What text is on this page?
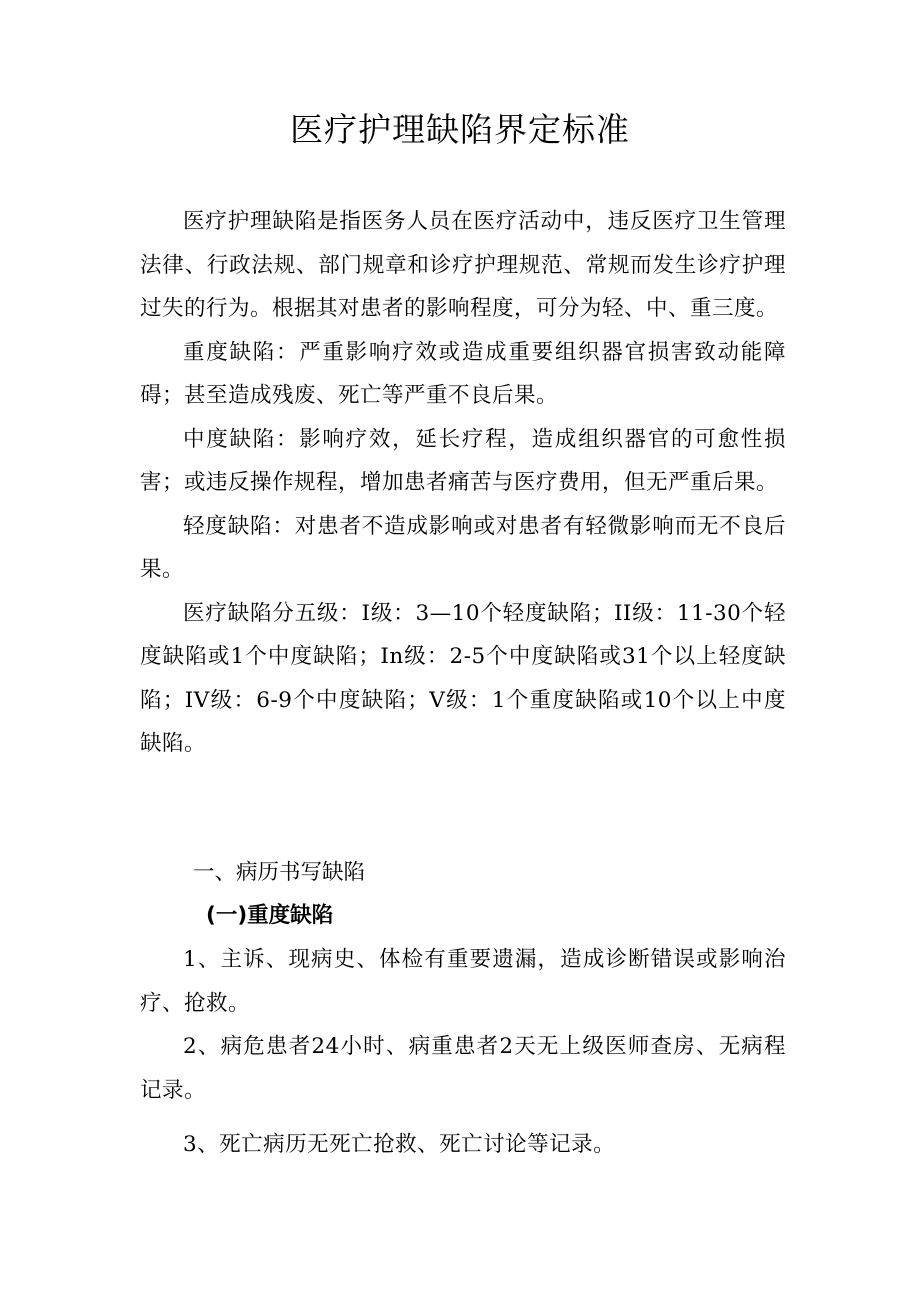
医疗护理缺陷界定标准

医疗护理缺陷是指医务人员在医疗活动中，违反医疗卫生管理法律、行政法规、部门规章和诊疗护理规范、常规而发生诊疗护理过失的行为。根据其对患者的影响程度，可分为轻、中、重三度。

重度缺陷：严重影响疗效或造成重要组织器官损害致动能障碍；甚至造成残废、死亡等严重不良后果。

中度缺陷：影响疗效，延长疗程，造成组织器官的可愈性损害；或违反操作规程，增加患者痛苦与医疗费用，但无严重后果。

轻度缺陷：对患者不造成影响或对患者有轻微影响而无不良后果。

医疗缺陷分五级：I级：3—10个轻度缺陷；II级：11-30个轻度缺陷或1个中度缺陷；In级：2-5个中度缺陷或31个以上轻度缺陷；IV级：6-9个中度缺陷；V级：1个重度缺陷或10个以上中度缺陷。

一、病历书写缺陷
(一)重度缺陷

1、主诉、现病史、体检有重要遗漏，造成诊断错误或影响治疗、抢救。

2、病危患者24小时、病重患者2天无上级医师查房、无病程记录。

3、死亡病历无死亡抢救、死亡讨论等记录。
